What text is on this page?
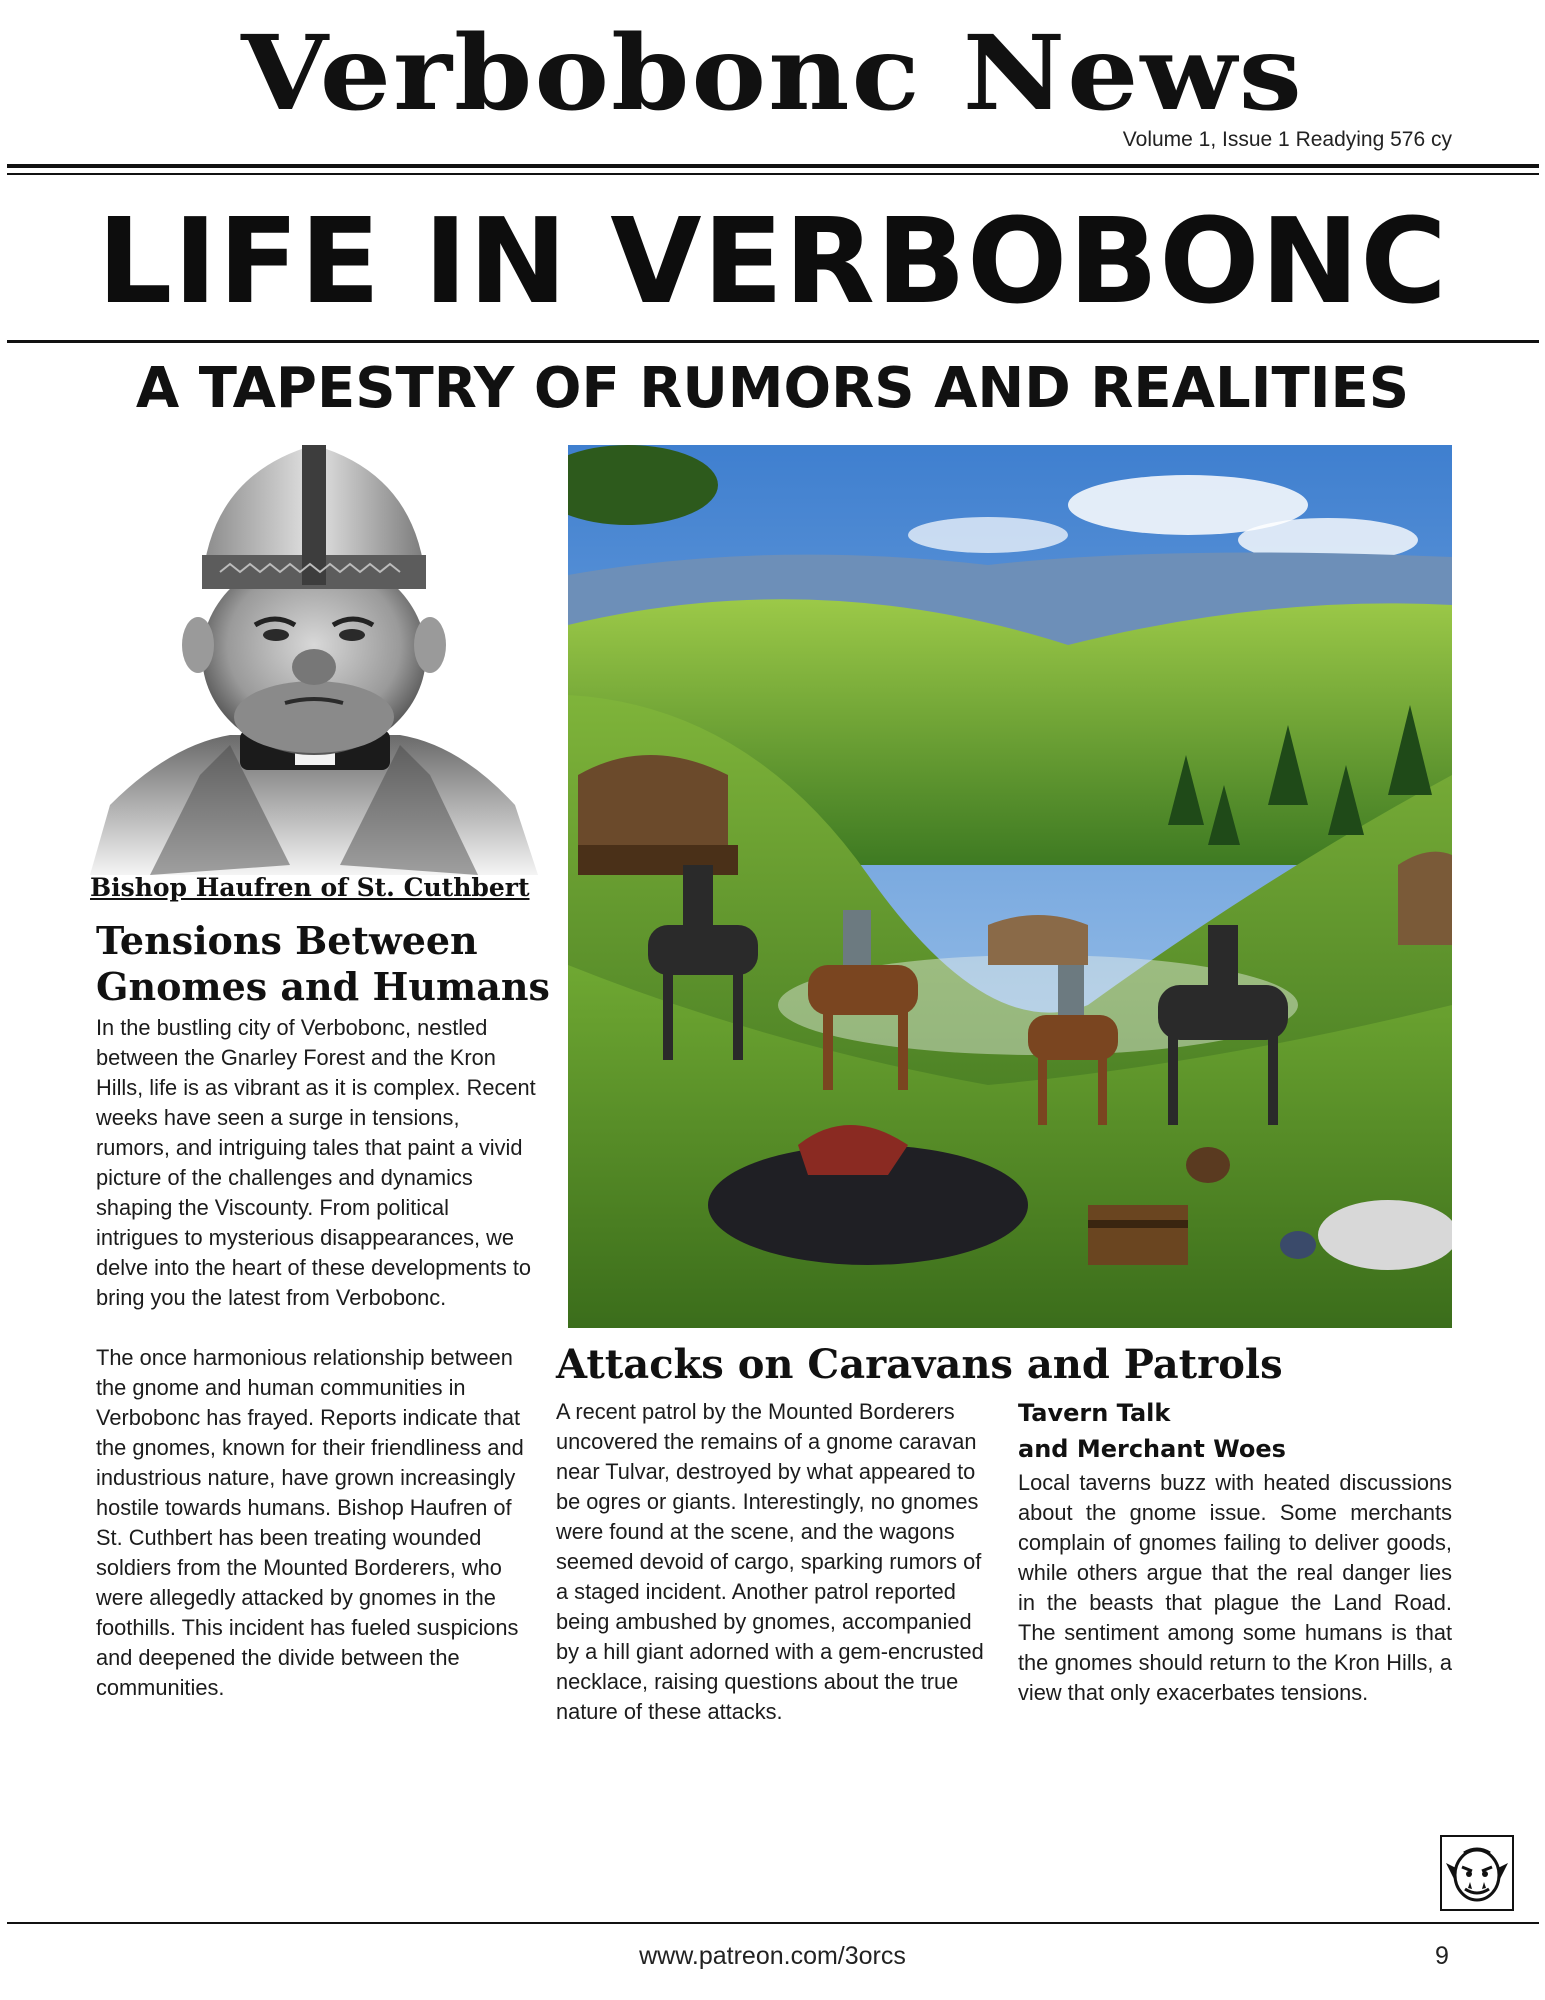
Verbobonc News
Volume 1, Issue 1 Readying 576 cy
LIFE IN VERBOBONC
A TAPESTRY OF RUMORS AND REALITIES
Bishop Haufren of St. Cuthbert
Tensions Between
Gnomes and Humans

In the bustling city of Verbobonc, nestled between the Gnarley Forest and the Kron Hills, life is as vibrant as it is complex. Recent weeks have seen a surge in tensions, rumors, and intriguing tales that paint a vivid picture of the challenges and dynamics shaping the Viscounty. From political intrigues to mysterious disappearances, we delve into the heart of these developments to bring you the latest from Verbobonc.

The once harmonious relationship between the gnome and human communities in Verbobonc has frayed. Reports indicate that the gnomes, known for their friendliness and industrious nature, have grown increasingly hostile towards humans. Bishop Haufren of St. Cuthbert has been treating wounded soldiers from the Mounted Borderers, who were allegedly attacked by gnomes in the foothills. This incident has fueled suspicions and deepened the divide between the communities.

Attacks on Caravans and Patrols
A recent patrol by the Mounted Borderers uncovered the remains of a gnome caravan near Tulvar, destroyed by what appeared to be ogres or giants. Interestingly, no gnomes were found at the scene, and the wagons seemed devoid of cargo, sparking rumors of a staged incident. Another patrol reported being ambushed by gnomes, accompanied by a hill giant adorned with a gem-encrusted necklace, raising questions about the true nature of these attacks.
Tavern Talk
and Merchant Woes
Local taverns buzz with heated discussions about the gnome issue. Some merchants complain of gnomes failing to deliver goods, while others argue that the real danger lies in the beasts that plague the Land Road. The sentiment among some humans is that the gnomes should return to the Kron Hills, a view that only exacerbates tensions.
www.patreon.com/3orcs	9
